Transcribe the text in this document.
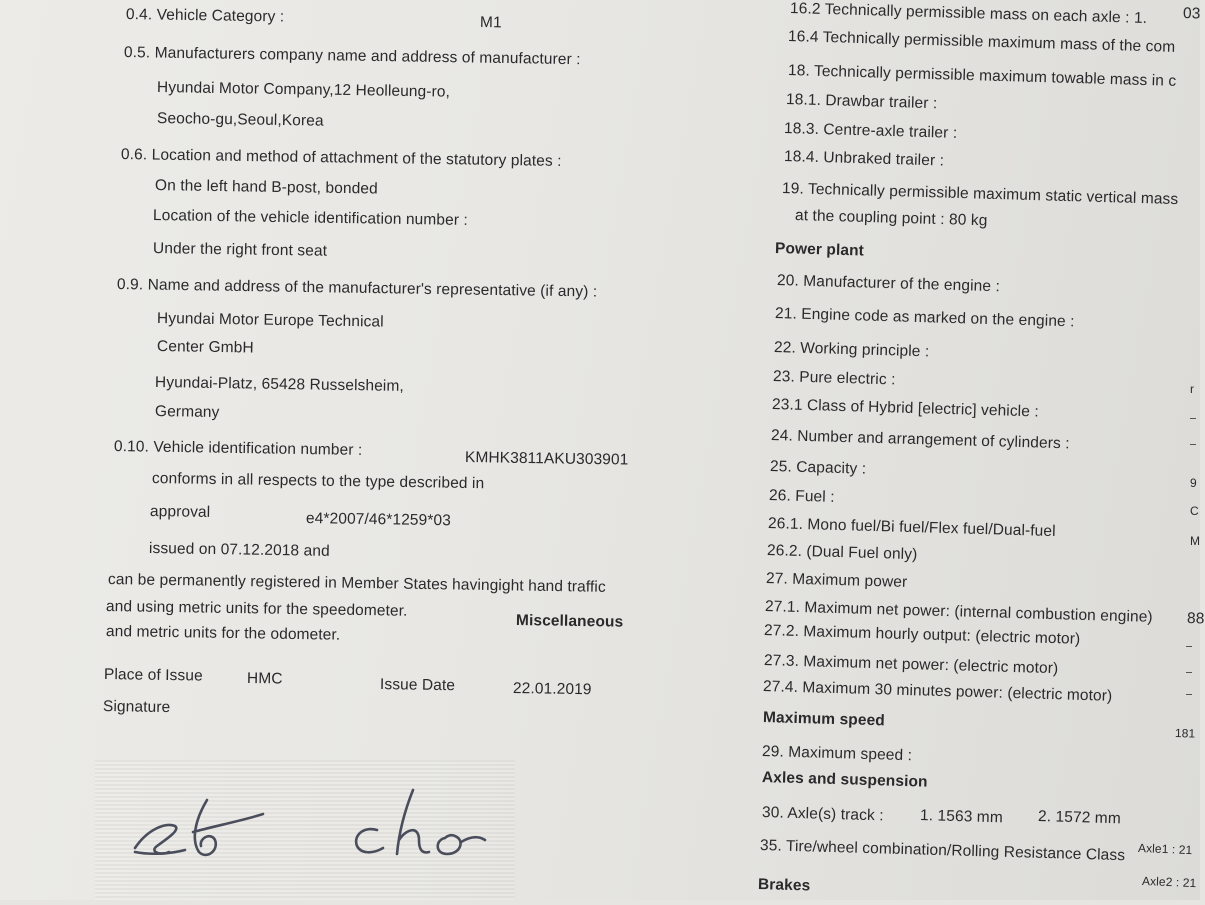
0.4. Vehicle Category :	M1
0.5. Manufacturers company name and address of manufacturer :
Hyundai Motor Company,12 Heolleung-ro,
Seocho-gu,Seoul,Korea
0.6. Location and method of attachment of the statutory plates :
On the left hand B-post, bonded
Location of the vehicle identification number :
Under the right front seat
0.9. Name and address of the manufacturer's representative (if any) :
Hyundai Motor Europe Technical
Center GmbH
Hyundai-Platz, 65428 Russelsheim,
Germany
0.10. Vehicle identification number :	KMHK3811AKU303901
conforms in all respects to the type described in
approval	e4*2007/46*1259*03
issued on 07.12.2018 and
can be permanently registered in Member States havingight hand traffic
and using metric units for the speedometer.
Miscellaneous
and metric units for the odometer.
Place of Issue	HMC	Issue Date	22.01.2019
Signature
16.2 Technically permissible mass on each axle : 1. 03
16.4 Technically permissible maximum mass of the com
18. Technically permissible maximum towable mass in c
18.1. Drawbar trailer :
18.3. Centre-axle trailer :
18.4. Unbraked trailer :
19. Technically permissible maximum static vertical mass
at the coupling point : 80 kg
Power plant
20. Manufacturer of the engine :
21. Engine code as marked on the engine :
22. Working principle :
23. Pure electric :
23.1 Class of Hybrid [electric] vehicle :
24. Number and arrangement of cylinders :
25. Capacity :
26. Fuel :
26.1. Mono fuel/Bi fuel/Flex fuel/Dual-fuel
26.2. (Dual Fuel only)
27. Maximum power
27.1. Maximum net power: (internal combustion engine) 88
27.2. Maximum hourly output: (electric motor)
27.3. Maximum net power: (electric motor)
27.4. Maximum 30 minutes power: (electric motor)
Maximum speed
181
29. Maximum speed :
Axles and suspension
30. Axle(s) track : 1. 1563 mm 2. 1572 mm
35. Tire/wheel combination/Rolling Resistance Class Axle1 : 21
Axle2 : 21
Brakes
r
9
C
M
